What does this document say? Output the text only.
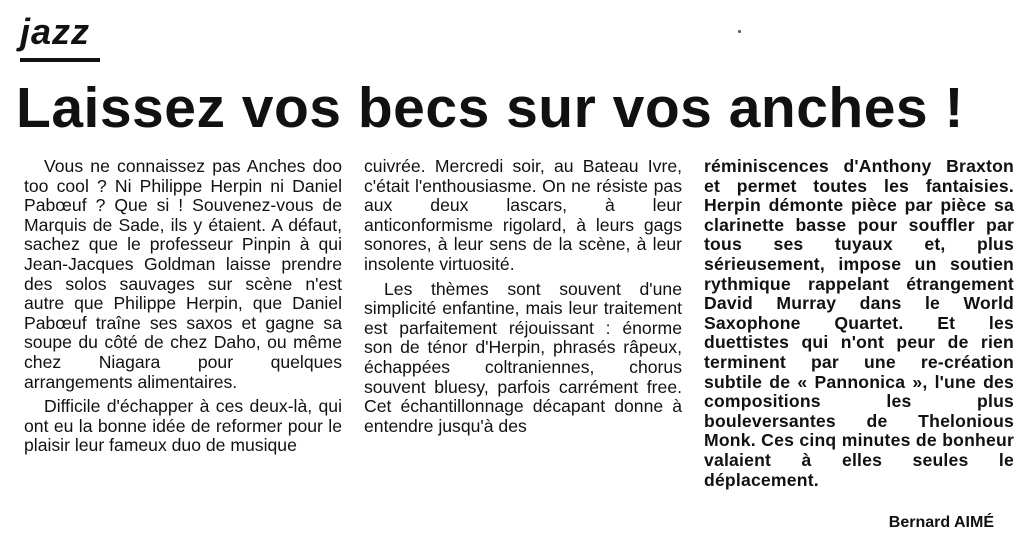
jazz
Laissez vos becs sur vos anches !

Vous ne connaissez pas Anches doo too cool ? Ni Philippe Herpin ni Daniel Pabœuf ? Que si ! Souvenez-vous de Marquis de Sade, ils y étaient. A défaut, sachez que le professeur Pinpin à qui Jean-Jacques Goldman laisse prendre des solos sauvages sur scène n'est autre que Philippe Herpin, que Daniel Pabœuf traîne ses saxos et gagne sa soupe du côté de chez Daho, ou même chez Niagara pour quelques arrangements alimentaires.

Difficile d'échapper à ces deux-là, qui ont eu la bonne idée de reformer pour le plaisir leur fameux duo de musique

cuivrée. Mercredi soir, au Bateau Ivre, c'était l'enthousiasme. On ne résiste pas aux deux lascars, à leur anticonformisme rigolard, à leurs gags sonores, à leur sens de la scène, à leur insolente virtuosité.

Les thèmes sont souvent d'une simplicité enfantine, mais leur traitement est parfaitement réjouissant : énorme son de ténor d'Herpin, phrasés râpeux, échappées coltraniennes, chorus souvent bluesy, parfois carrément free. Cet échantillonnage décapant donne à entendre jusqu'à des

réminiscences d'Anthony Braxton et permet toutes les fantaisies. Herpin démonte pièce par pièce sa clarinette basse pour souffler par tous ses tuyaux et, plus sérieusement, impose un soutien rythmique rappelant étrangement David Murray dans le World Saxophone Quartet. Et les duettistes qui n'ont peur de rien terminent par une re-création subtile de « Pannonica », l'une des compositions les plus bouleversantes de Thelonious Monk. Ces cinq minutes de bonheur valaient à elles seules le déplacement.

Bernard AIMÉ
